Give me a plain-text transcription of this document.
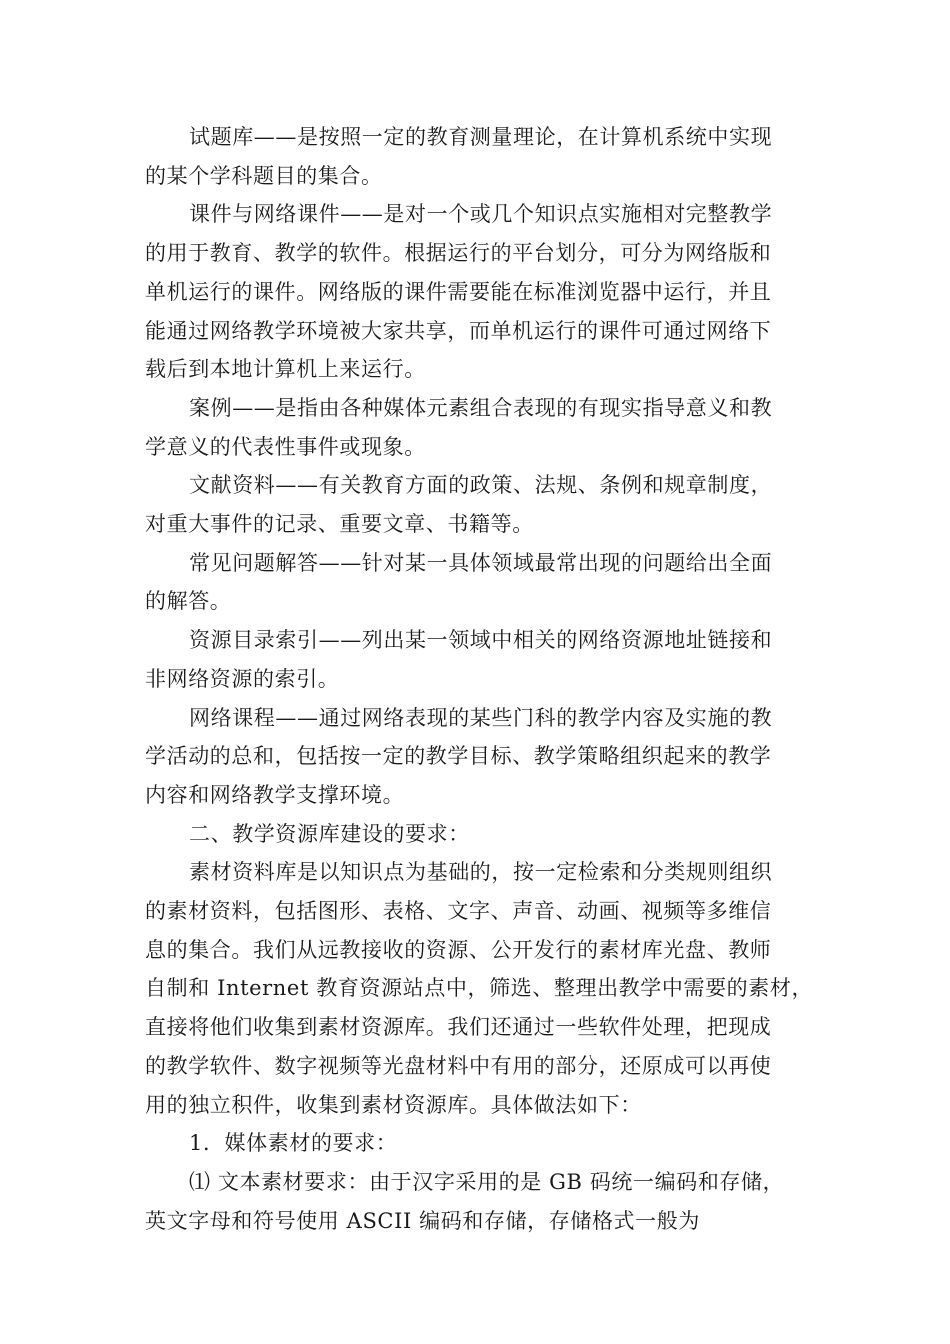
试题库——是按照一定的教育测量理论，在计算机系统中实现
的某个学科题目的集合。

课件与网络课件——是对一个或几个知识点实施相对完整教学
的用于教育、教学的软件。根据运行的平台划分，可分为网络版和
单机运行的课件。网络版的课件需要能在标准浏览器中运行，并且
能通过网络教学环境被大家共享，而单机运行的课件可通过网络下
载后到本地计算机上来运行。

案例——是指由各种媒体元素组合表现的有现实指导意义和教
学意义的代表性事件或现象。

文献资料——有关教育方面的政策、法规、条例和规章制度，
对重大事件的记录、重要文章、书籍等。

常见问题解答——针对某一具体领域最常出现的问题给出全面
的解答。

资源目录索引——列出某一领域中相关的网络资源地址链接和
非网络资源的索引。

网络课程——通过网络表现的某些门科的教学内容及实施的教
学活动的总和，包括按一定的教学目标、教学策略组织起来的教学
内容和网络教学支撑环境。

二、教学资源库建设的要求：

素材资料库是以知识点为基础的，按一定检索和分类规则组织
的素材资料，包括图形、表格、文字、声音、动画、视频等多维信
息的集合。我们从远教接收的资源、公开发行的素材库光盘、教师
自制和 Internet 教育资源站点中，筛选、整理出教学中需要的素材，
直接将他们收集到素材资源库。我们还通过一些软件处理，把现成
的教学软件、数字视频等光盘材料中有用的部分，还原成可以再使
用的独立积件，收集到素材资源库。具体做法如下：

1．媒体素材的要求：

⑴ 文本素材要求：由于汉字采用的是 GB 码统一编码和存储，
英文字母和符号使用 ASCII 编码和存储，存储格式一般为
